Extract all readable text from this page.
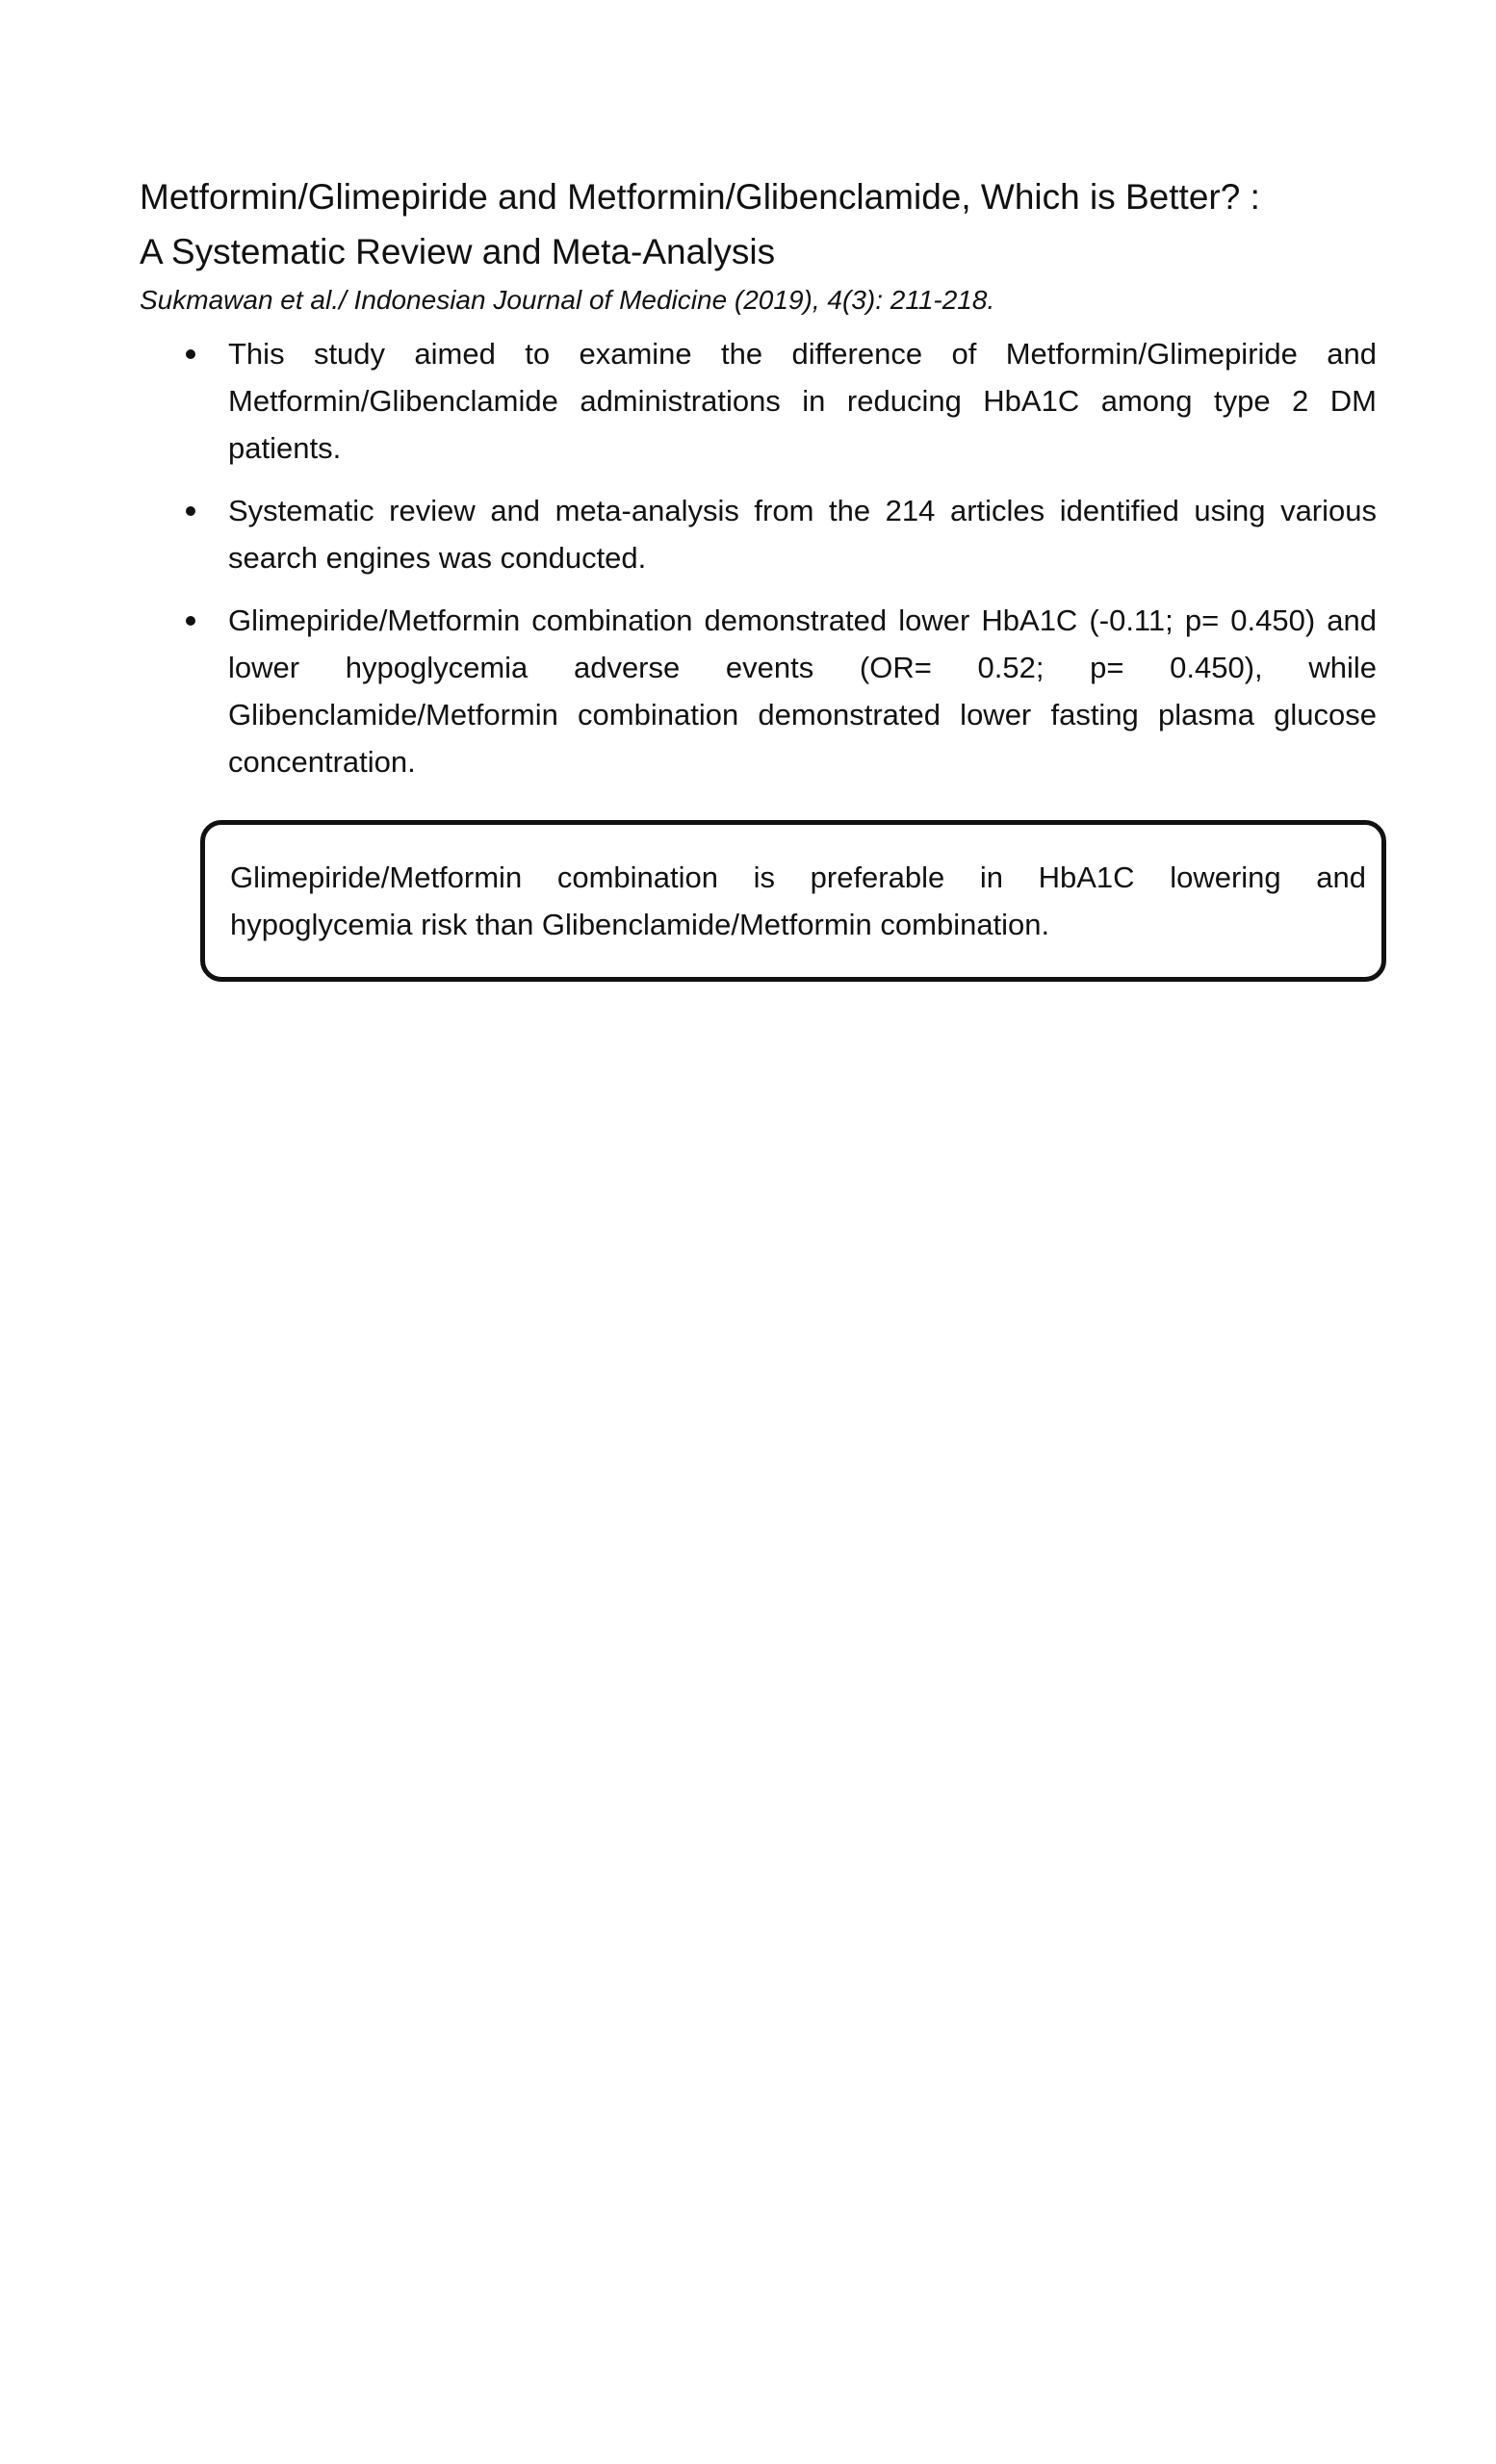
Metformin/Glimepiride and Metformin/Glibenclamide, Which is Better? :
A Systematic Review and Meta-Analysis
Sukmawan et al./ Indonesian Journal of Medicine (2019), 4(3): 211-218.
This study aimed to examine the difference of Metformin/Glimepiride and Metformin/Glibenclamide administrations in reducing HbA1C among type 2 DM patients.
Systematic review and meta-analysis from the 214 articles identified using various search engines was conducted.
Glimepiride/Metformin combination demonstrated lower HbA1C (-0.11; p= 0.450) and lower hypoglycemia adverse events (OR= 0.52; p= 0.450), while Glibenclamide/Metformin combination demonstrated lower fasting plasma glucose concentration.
Glimepiride/Metformin combination is preferable in HbA1C lowering and hypoglycemia risk than Glibenclamide/Metformin combination.
